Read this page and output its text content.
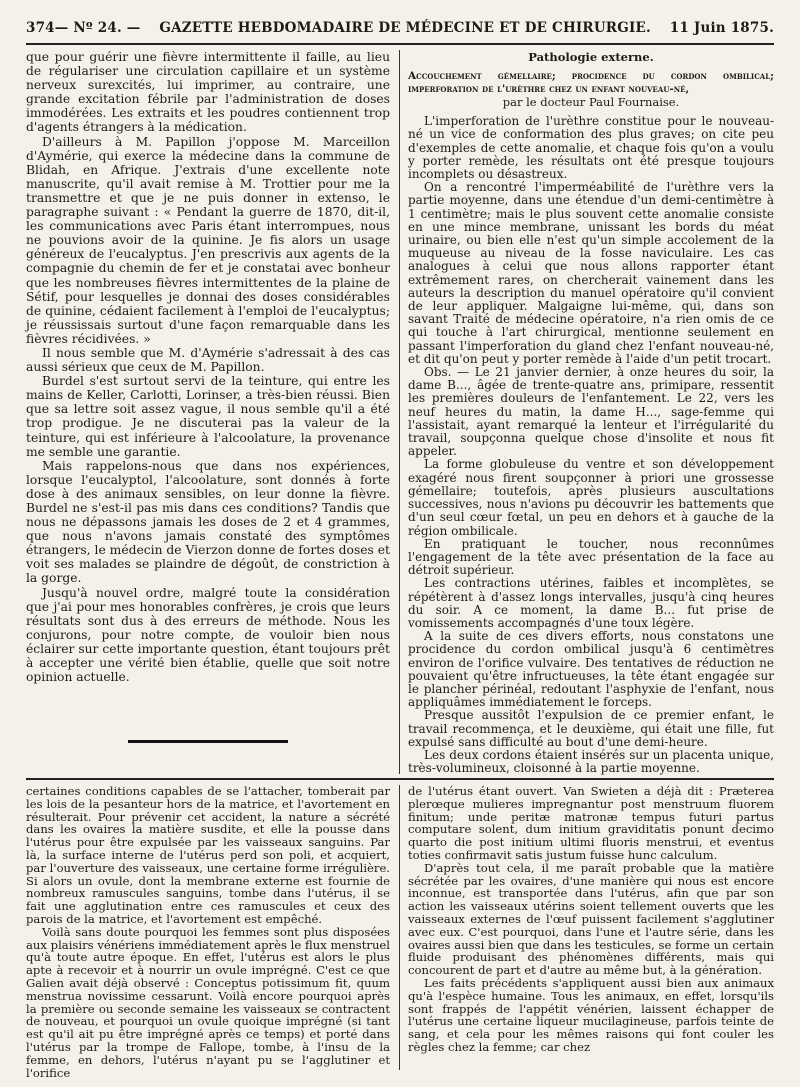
374 — Nº 24. —	GAZETTE HEBDOMADAIRE DE MÉDECINE ET DE CHIRURGIE.	11 Juin 1875.

que pour guérir une fièvre intermittente il faille, au lieu de régulariser une circulation capillaire et un système nerveux surexcités, lui imprimer, au contraire, une grande excitation fébrile par l'administration de doses immodérées. Les extraits et les poudres contiennent trop d'agents étrangers à la médication.

D'ailleurs à M. Papillon j'oppose M. Marceillon d'Aymérie, qui exerce la médecine dans la commune de Blidah, en Afrique. J'extrais d'une excellente note manuscrite, qu'il avait remise à M. Trottier pour me la transmettre et que je ne puis donner in extenso, le paragraphe suivant : « Pendant la guerre de 1870, dit-il, les communications avec Paris étant interrompues, nous ne pouvions avoir de la quinine. Je fis alors un usage généreux de l'eucalyptus. J'en prescrivis aux agents de la compagnie du chemin de fer et je constatai avec bonheur que les nombreuses fièvres intermittentes de la plaine de Sétif, pour lesquelles je donnai des doses considérables de quinine, cédaient facilement à l'emploi de l'eucalyptus; je réussissais surtout d'une façon remarquable dans les fièvres récidivées. »

Il nous semble que M. d'Aymérie s'adressait à des cas aussi sérieux que ceux de M. Papillon.

Burdel s'est surtout servi de la teinture, qui entre les mains de Keller, Carlotti, Lorinser, a très-bien réussi. Bien que sa lettre soit assez vague, il nous semble qu'il a été trop prodigue. Je ne discuterai pas la valeur de la teinture, qui est inférieure à l'alcoolature, la provenance me semble une garantie.

Mais rappelons-nous que dans nos expériences, lorsque l'eucalyptol, l'alcoolature, sont donnés à forte dose à des animaux sensibles, on leur donne la fièvre. Burdel ne s'est-il pas mis dans ces conditions? Tandis que nous ne dépassons jamais les doses de 2 et 4 grammes, que nous n'avons jamais constaté des symptômes étrangers, le médecin de Vierzon donne de fortes doses et voit ses malades se plaindre de dégoût, de constriction à la gorge.

Jusqu'à nouvel ordre, malgré toute la considération que j'ai pour mes honorables confrères, je crois que leurs résultats sont dus à des erreurs de méthode. Nous les conjurons, pour notre compte, de vouloir bien nous éclairer sur cette importante question, étant toujours prêt à accepter une vérité bien établie, quelle que soit notre opinion actuelle.

Pathologie externe.

Accouchement gémellaire; procidence du cordon ombilical; imperforation de l'urèthre chez un enfant nouveau-né,

par le docteur Paul Fournaise.

L'imperforation de l'urèthre constitue pour le nouveau-né un vice de conformation des plus graves; on cite peu d'exemples de cette anomalie, et chaque fois qu'on a voulu y porter remède, les résultats ont été presque toujours incomplets ou désastreux.

On a rencontré l'imperméabilité de l'urèthre vers la partie moyenne, dans une étendue d'un demi-centimètre à 1 centimètre; mais le plus souvent cette anomalie consiste en une mince membrane, unissant les bords du méat urinaire, ou bien elle n'est qu'un simple accolement de la muqueuse au niveau de la fosse naviculaire. Les cas analogues à celui que nous allons rapporter étant extrêmement rares, on chercherait vainement dans les auteurs la description du manuel opératoire qu'il convient de leur appliquer. Malgaigne lui-même, qui, dans son savant Traité de médecine opératoire, n'a rien omis de ce qui touche à l'art chirurgical, mentionne seulement en passant l'imperforation du gland chez l'enfant nouveau-né, et dit qu'on peut y porter remède à l'aide d'un petit trocart.

Obs. — Le 21 janvier dernier, à onze heures du soir, la dame B..., âgée de trente-quatre ans, primipare, ressentit les premières douleurs de l'enfantement. Le 22, vers les neuf heures du matin, la dame H..., sage-femme qui l'assistait, ayant remarqué la lenteur et l'irrégularité du travail, soupçonna quelque chose d'insolite et nous fit appeler.

La forme globuleuse du ventre et son développement exagéré nous firent soupçonner à priori une grossesse gémellaire; toutefois, après plusieurs auscultations successives, nous n'avions pu découvrir les battements que d'un seul cœur fœtal, un peu en dehors et à gauche de la région ombilicale.

En pratiquant le toucher, nous reconnûmes l'engagement de la tête avec présentation de la face au détroit supérieur.

Les contractions utérines, faibles et incomplètes, se répétèrent à d'assez longs intervalles, jusqu'à cinq heures du soir. A ce moment, la dame B... fut prise de vomissements accompagnés d'une toux légère.

A la suite de ces divers efforts, nous constatons une procidence du cordon ombilical jusqu'à 6 centimètres environ de l'orifice vulvaire. Des tentatives de réduction ne pouvaient qu'être infructueuses, la tête étant engagée sur le plancher périnéal, redoutant l'asphyxie de l'enfant, nous appliquâmes immédiatement le forceps.

Presque aussitôt l'expulsion de ce premier enfant, le travail recommença, et le deuxième, qui était une fille, fut expulsé sans difficulté au bout d'une demi-heure.

Les deux cordons étaient insérés sur un placenta unique, très-volumineux, cloisonné à la partie moyenne.

certaines conditions capables de se l'attacher, tomberait par les lois de la pesanteur hors de la matrice, et l'avortement en résulterait. Pour prévenir cet accident, la nature a sécrété dans les ovaires la matière susdite, et elle la pousse dans l'utérus pour être expulsée par les vaisseaux sanguins. Par là, la surface interne de l'utérus perd son poli, et acquiert, par l'ouverture des vaisseaux, une certaine forme irrégulière. Si alors un ovule, dont la membrane externe est fournie de nombreux ramuscules sanguins, tombe dans l'utérus, il se fait une agglutination entre ces ramuscules et ceux des parois de la matrice, et l'avortement est empêché.

Voilà sans doute pourquoi les femmes sont plus disposées aux plaisirs vénériens immédiatement après le flux menstruel qu'à toute autre époque. En effet, l'utérus est alors le plus apte à recevoir et à nourrir un ovule imprégné. C'est ce que Galien avait déjà observé : Conceptus potissimum fit, quum menstrua novissime cessarunt. Voilà encore pourquoi après la première ou seconde semaine les vaisseaux se contractent de nouveau, et pourquoi un ovule quoique imprégné (si tant est qu'il ait pu être imprégné après ce temps) et porté dans l'utérus par la trompe de Fallope, tombe, à l'insu de la femme, en dehors, l'utérus n'ayant pu se l'agglutiner et l'orifice

de l'utérus étant ouvert. Van Swieten a déjà dit : Præterea plerœque mulieres impregnantur post menstruum fluorem finitum; unde peritæ matronæ tempus futuri partus computare solent, dum initium graviditatis ponunt decimo quarto die post initium ultimi fluoris menstrui, et eventus toties confirmavit satis justum fuisse hunc calculum.

D'après tout cela, il me paraît probable que la matière sécrétée par les ovaires, d'une manière qui nous est encore inconnue, est transportée dans l'utérus, afin que par son action les vaisseaux utérins soient tellement ouverts que les vaisseaux externes de l'œuf puissent facilement s'agglutiner avec eux. C'est pourquoi, dans l'une et l'autre série, dans les ovaires aussi bien que dans les testicules, se forme un certain fluide produisant des phénomènes différents, mais qui concourent de part et d'autre au même but, à la génération.

Les faits précédents s'appliquent aussi bien aux animaux qu'à l'espèce humaine. Tous les animaux, en effet, lorsqu'ils sont frappés de l'appétit vénérien, laissent échapper de l'utérus une certaine liqueur mucilagineuse, parfois teinte de sang, et cela pour les mêmes raisons qui font couler les règles chez la femme; car chez
